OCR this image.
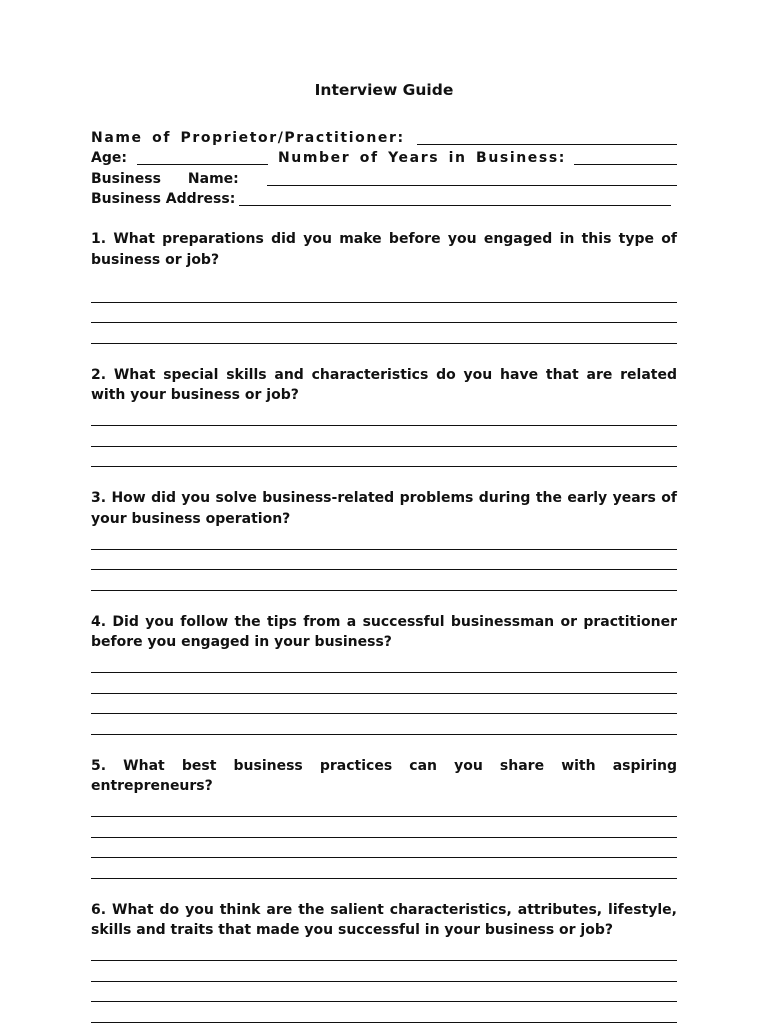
Interview Guide
Name of Proprietor/Practitioner:
Age:	Number of Years in Business:
Business Name:
Business Address:
1. What preparations did you make before you engaged in this type of business or job?
2. What special skills and characteristics do you have that are related with your business or job?
3. How did you solve business-related problems during the early years of your business operation?
4. Did you follow the tips from a successful businessman or practitioner before you engaged in your business?
5. What best business practices can you share with aspiring entrepreneurs?
6. What do you think are the salient characteristics, attributes, lifestyle, skills and traits that made you successful in your business or job?
